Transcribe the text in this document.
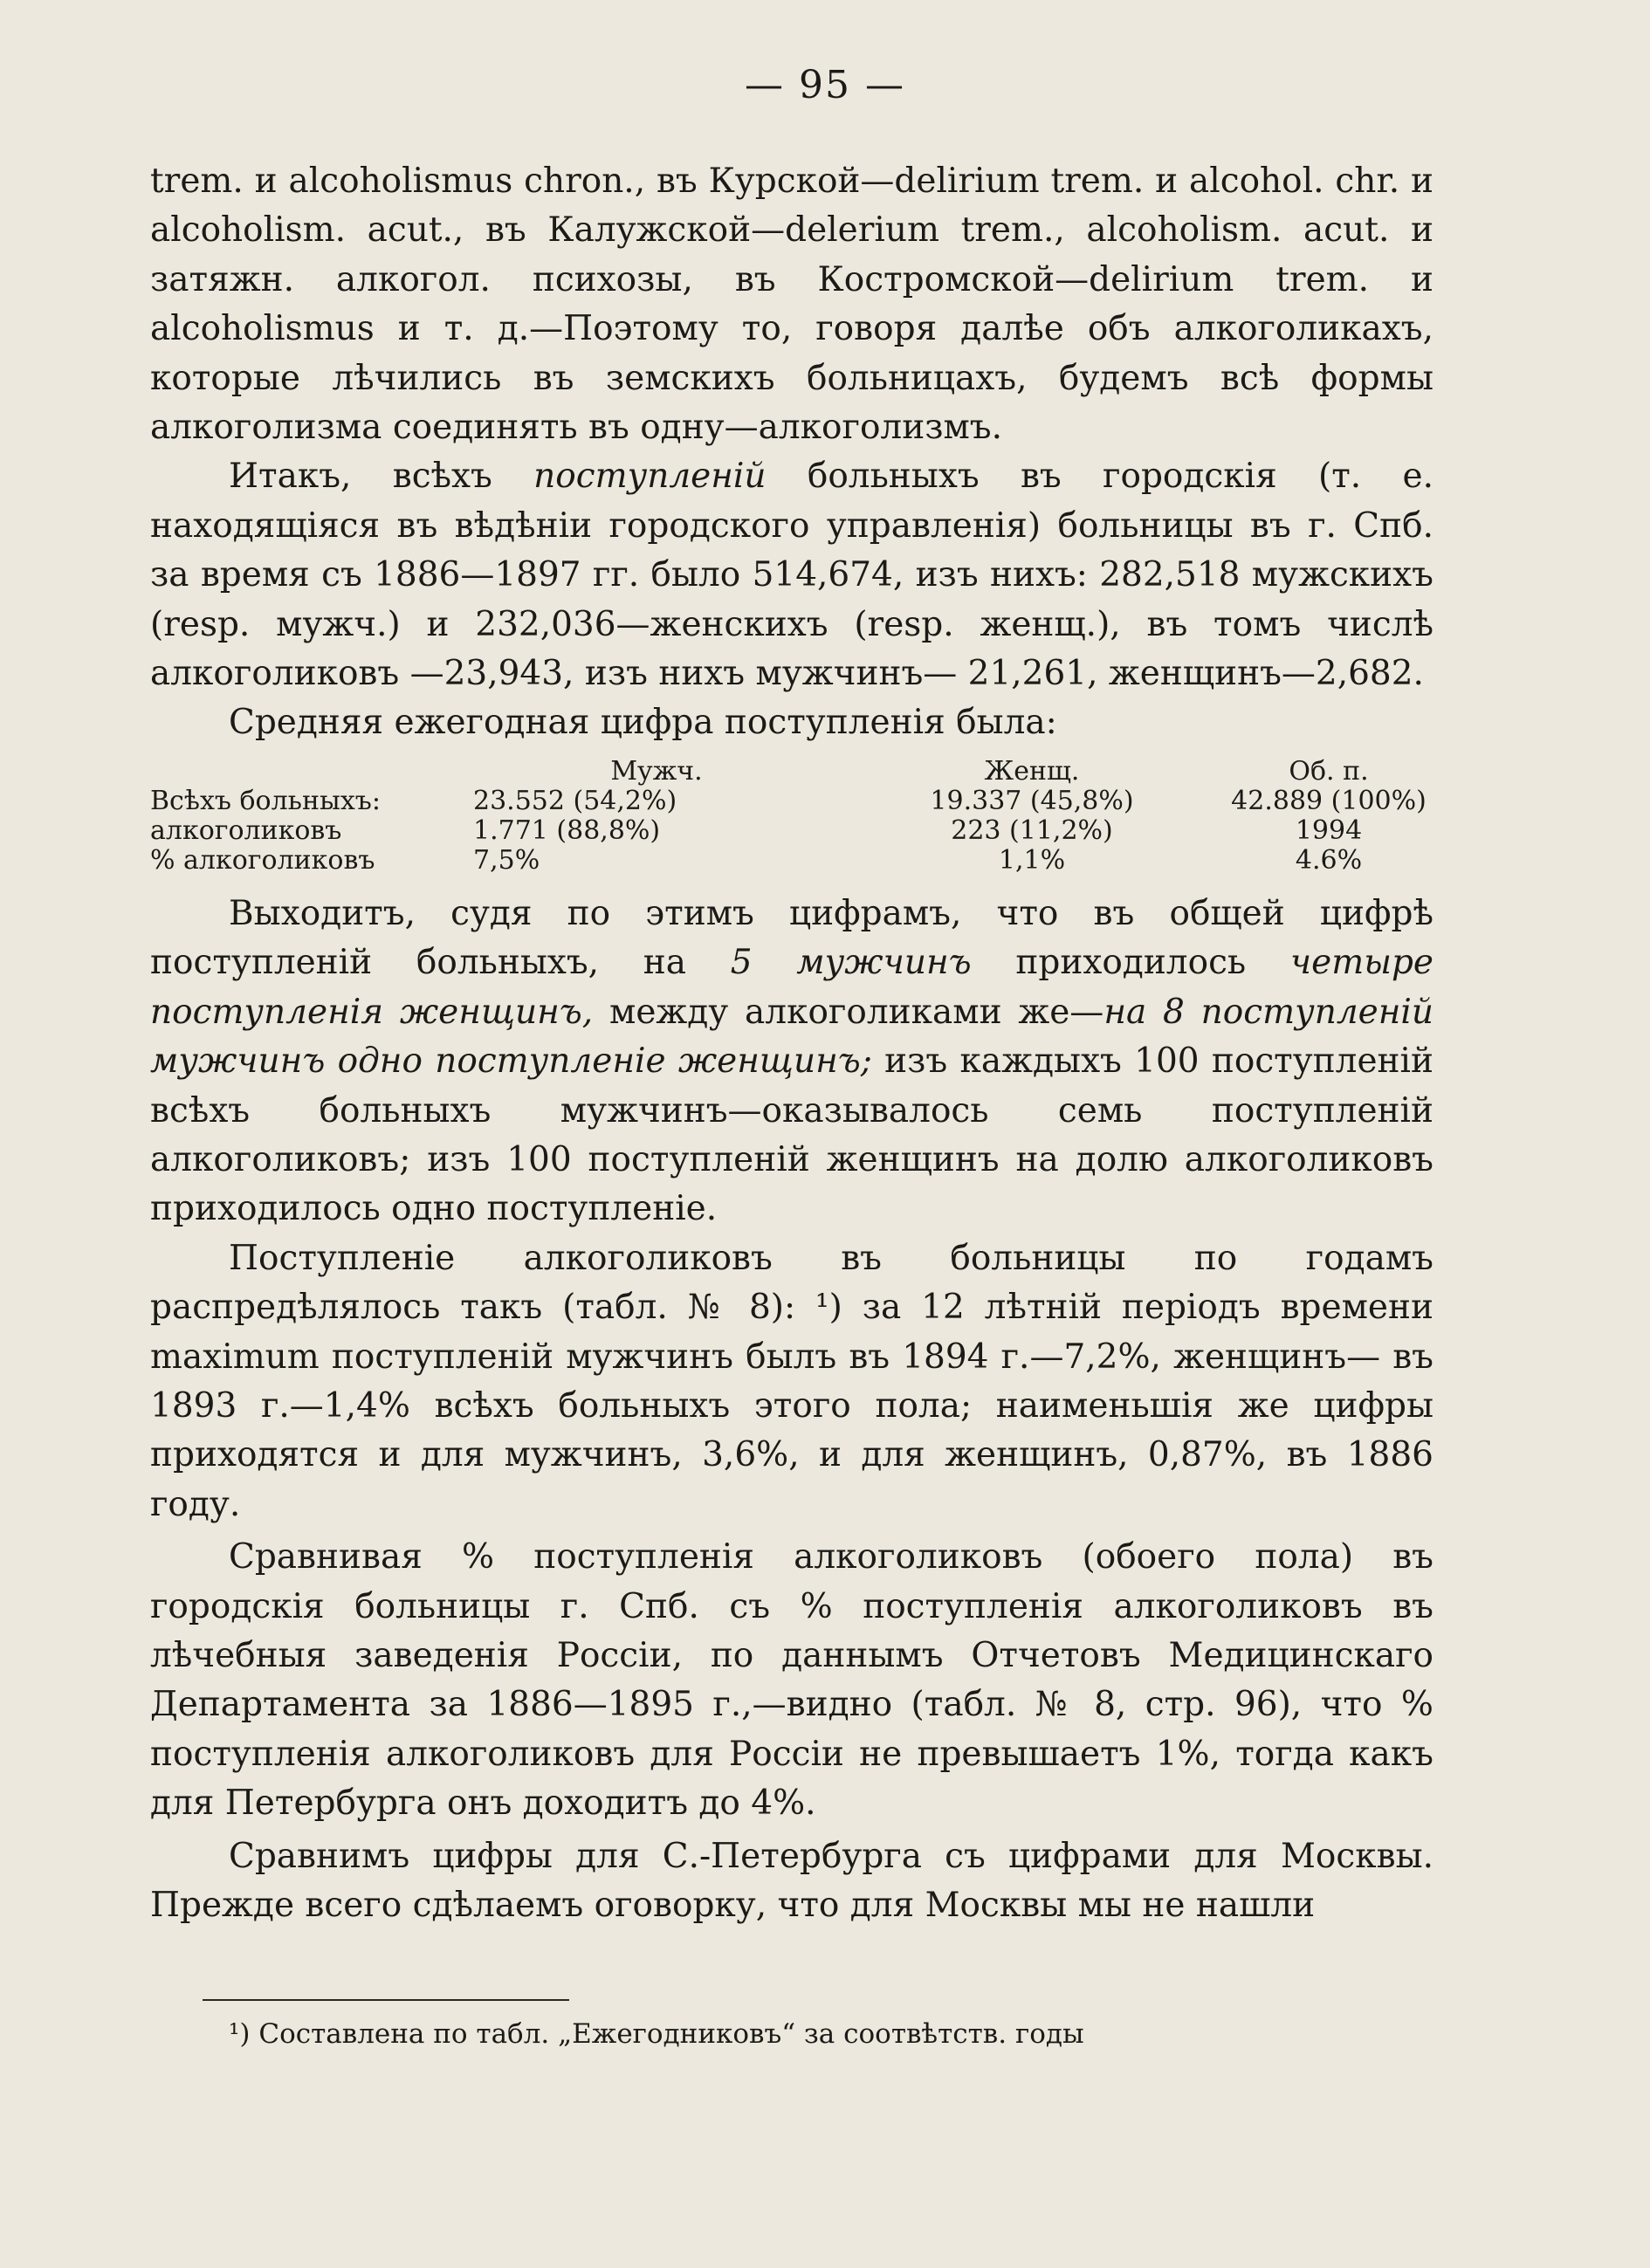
— 95 —

trem. и alcoholismus chron., въ Курской—delirium trem. и alcohol. chr. и alcoholism. acut., въ Калужской—delerium trem., alcoholism. acut. и затяжн. алкогол. психозы, въ Костромской—delirium trem. и alcoholismus и т. д.—Поэтому то, говоря далѣе объ алкоголикахъ, которые лѣчились въ земскихъ больницахъ, будемъ всѣ формы алкоголизма соединять въ одну—алкоголизмъ.

Итакъ, всѣхъ поступленій больныхъ въ городскія (т. е. находящіяся въ вѣдѣніи городского управленія) больницы въ г. Спб. за время съ 1886—1897 гг. было 514,674, изъ нихъ: 282,518 мужскихъ (resp. мужч.) и 232,036—женскихъ (resp. женщ.), въ томъ числѣ алкоголиковъ —23,943, изъ нихъ мужчинъ— 21,261, женщинъ—2,682.

Средняя ежегодная цифра поступленія была:

	Мужч.	Женщ.	Об. п.
Всѣхъ больныхъ:	23.552 (54,2%)	19.337 (45,8%)	42.889 (100%)
алкоголиковъ	1.771 (88,8%)	223 (11,2%)	1994
% алкоголиковъ	7,5%	1,1%	4.6%

Выходитъ, судя по этимъ цифрамъ, что въ общей цифрѣ поступленій больныхъ, на 5 мужчинъ приходилось четыре поступленія женщинъ, между алкоголиками же—на 8 поступленій мужчинъ одно поступленіе женщинъ; изъ каждыхъ 100 поступленій всѣхъ больныхъ мужчинъ—оказывалось семь поступленій алкоголиковъ; изъ 100 поступленій женщинъ на долю алкоголиковъ приходилось одно поступленіе.

Поступленіе алкоголиковъ въ больницы по годамъ распредѣлялось такъ (табл. № 8): ¹) за 12 лѣтній періодъ времени maximum поступленій мужчинъ былъ въ 1894 г.—7,2%, женщинъ— въ 1893 г.—1,4% всѣхъ больныхъ этого пола; наименьшія же цифры приходятся и для мужчинъ, 3,6%, и для женщинъ, 0,87%, въ 1886 году.

Сравнивая % поступленія алкоголиковъ (обоего пола) въ городскія больницы г. Спб. съ % поступленія алкоголиковъ въ лѣчебныя заведенія Россіи, по даннымъ Отчетовъ Медицинскаго Департамента за 1886—1895 г.,—видно (табл. № 8, стр. 96), что % поступленія алкоголиковъ для Россіи не превышаетъ 1%, тогда какъ для Петербурга онъ доходитъ до 4%.

Сравнимъ цифры для С.-Петербурга съ цифрами для Москвы. Прежде всего сдѣлаемъ оговорку, что для Москвы мы не нашли

¹) Составлена по табл. „Ежегодниковъ“ за соотвѣтств. годы
